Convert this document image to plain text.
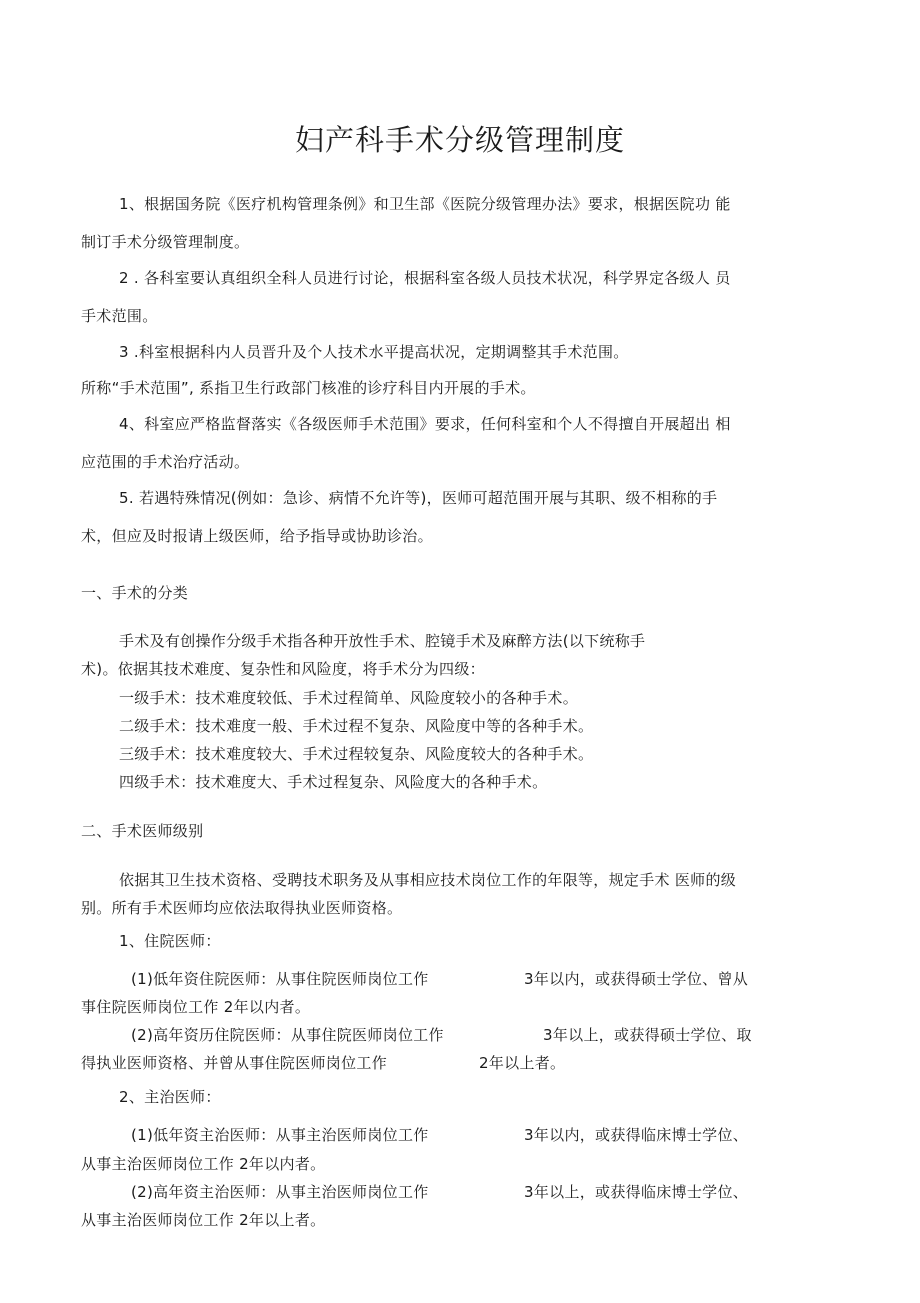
妇产科手术分级管理制度
1、根据国务院《医疗机构管理条例》和卫生部《医院分级管理办法》要求，根据医院功 能
制订手术分级管理制度。
2 . 各科室要认真组织全科人员进行讨论，根据科室各级人员技术状况，科学界定各级人 员
手术范围。
3 .科室根据科内人员晋升及个人技术水平提高状况，定期调整其手术范围。
所称“手术范围”, 系指卫生行政部门核准的诊疗科目内开展的手术。
4、科室应严格监督落实《各级医师手术范围》要求，任何科室和个人不得擅自开展超出 相
应范围的手术治疗活动。
5. 若遇特殊情况(例如：急诊、病情不允许等)，医师可超范围开展与其职、级不相称的手
术，但应及时报请上级医师，给予指导或协助诊治。
一、手术的分类
手术及有创操作分级手术指各种开放性手术、腔镜手术及麻醉方法(以下统称手
术)。依据其技术难度、复杂性和风险度，将手术分为四级：
一级手术：技术难度较低、手术过程简单、风险度较小的各种手术。
二级手术：技术难度一般、手术过程不复杂、风险度中等的各种手术。
三级手术：技术难度较大、手术过程较复杂、风险度较大的各种手术。
四级手术：技术难度大、手术过程复杂、风险度大的各种手术。
二、手术医师级别
依据其卫生技术资格、受聘技术职务及从事相应技术岗位工作的年限等，规定手术 医师的级
别。所有手术医师均应依法取得执业医师资格。
1、住院医师：
(1)低年资住院医师：从事住院医师岗位工作	3年以内，或获得硕士学位、曾从
事住院医师岗位工作 2年以内者。
(2)高年资历住院医师：从事住院医师岗位工作	3年以上，或获得硕士学位、取
得执业医师资格、并曾从事住院医师岗位工作	2年以上者。
2、主治医师：
(1)低年资主治医师：从事主治医师岗位工作	3年以内，或获得临床博士学位、
从事主治医师岗位工作 2年以内者。
(2)高年资主治医师：从事主治医师岗位工作	3年以上，或获得临床博士学位、
从事主治医师岗位工作 2年以上者。
